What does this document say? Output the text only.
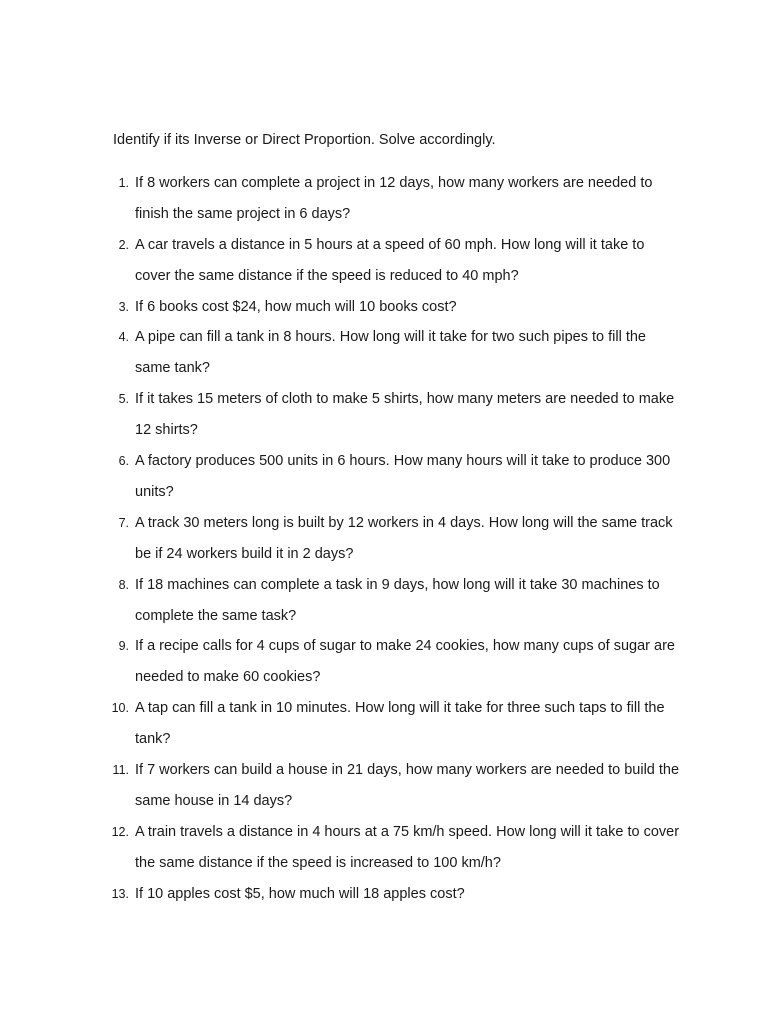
Identify if its Inverse or Direct Proportion. Solve accordingly.

1. If 8 workers can complete a project in 12 days, how many workers are needed to finish the same project in 6 days?
2. A car travels a distance in 5 hours at a speed of 60 mph. How long will it take to cover the same distance if the speed is reduced to 40 mph?
3. If 6 books cost $24, how much will 10 books cost?
4. A pipe can fill a tank in 8 hours. How long will it take for two such pipes to fill the same tank?
5. If it takes 15 meters of cloth to make 5 shirts, how many meters are needed to make 12 shirts?
6. A factory produces 500 units in 6 hours. How many hours will it take to produce 300 units?
7. A track 30 meters long is built by 12 workers in 4 days. How long will the same track be if 24 workers build it in 2 days?
8. If 18 machines can complete a task in 9 days, how long will it take 30 machines to complete the same task?
9. If a recipe calls for 4 cups of sugar to make 24 cookies, how many cups of sugar are needed to make 60 cookies?
10. A tap can fill a tank in 10 minutes. How long will it take for three such taps to fill the tank?
11. If 7 workers can build a house in 21 days, how many workers are needed to build the same house in 14 days?
12. A train travels a distance in 4 hours at a 75 km/h speed. How long will it take to cover the same distance if the speed is increased to 100 km/h?
13. If 10 apples cost $5, how much will 18 apples cost?
